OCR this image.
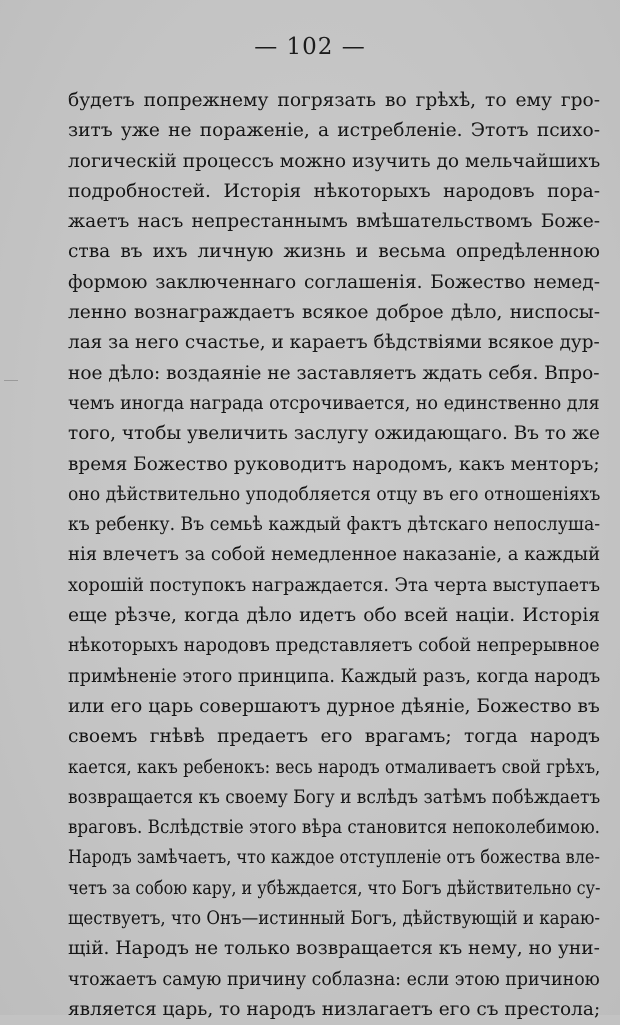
— 102 —
будетъ попрежнему погрязать во грѣхѣ, то ему гро-
зитъ уже не пораженіе, а истребленіе. Этотъ психо-
логическій процессъ можно изучить до мельчайшихъ
подробностей. Исторія нѣкоторыхъ народовъ пора-
жаетъ насъ непрестаннымъ вмѣшательствомъ Боже-
ства въ ихъ личную жизнь и весьма опредѣленною
формою заключеннаго соглашенія. Божество немед-
ленно вознаграждаетъ всякое доброе дѣло, ниспосы-
лая за него счастье, и караетъ бѣдствіями всякое дур-
ное дѣло: воздаяніе не заставляетъ ждать себя. Впро-
чемъ иногда награда отсрочивается, но единственно для
того, чтобы увеличить заслугу ожидающаго. Въ то же
время Божество руководитъ народомъ, какъ менторъ;
оно дѣйствительно уподобляется отцу въ его отношеніяхъ
къ ребенку. Въ семьѣ каждый фактъ дѣтскаго непослуша-
нія влечетъ за собой немедленное наказаніе, а каждый
хорошій поступокъ награждается. Эта черта выступаетъ
еще рѣзче, когда дѣло идетъ обо всей націи. Исторія
нѣкоторыхъ народовъ представляетъ собой непрерывное
примѣненіе этого принципа. Каждый разъ, когда народъ
или его царь совершаютъ дурное дѣяніе, Божество въ
своемъ гнѣвѣ предаетъ его врагамъ; тогда народъ
кается, какъ ребенокъ: весь народъ отмаливаетъ свой грѣхъ,
возвращается къ своему Богу и вслѣдъ затѣмъ побѣждаетъ
враговъ. Вслѣдствіе этого вѣра становится непоколебимою.
Народъ замѣчаетъ, что каждое отступленіе отъ божества вле-
четъ за собою кару, и убѣждается, что Богъ дѣйствительно су-
ществуетъ, что Онъ—истинный Богъ, дѣйствующій и караю-
щій. Народъ не только возвращается къ нему, но уни-
чтожаетъ самую причину соблазна: если этою причиною
является царь, то народъ низлагаетъ его съ престола;
